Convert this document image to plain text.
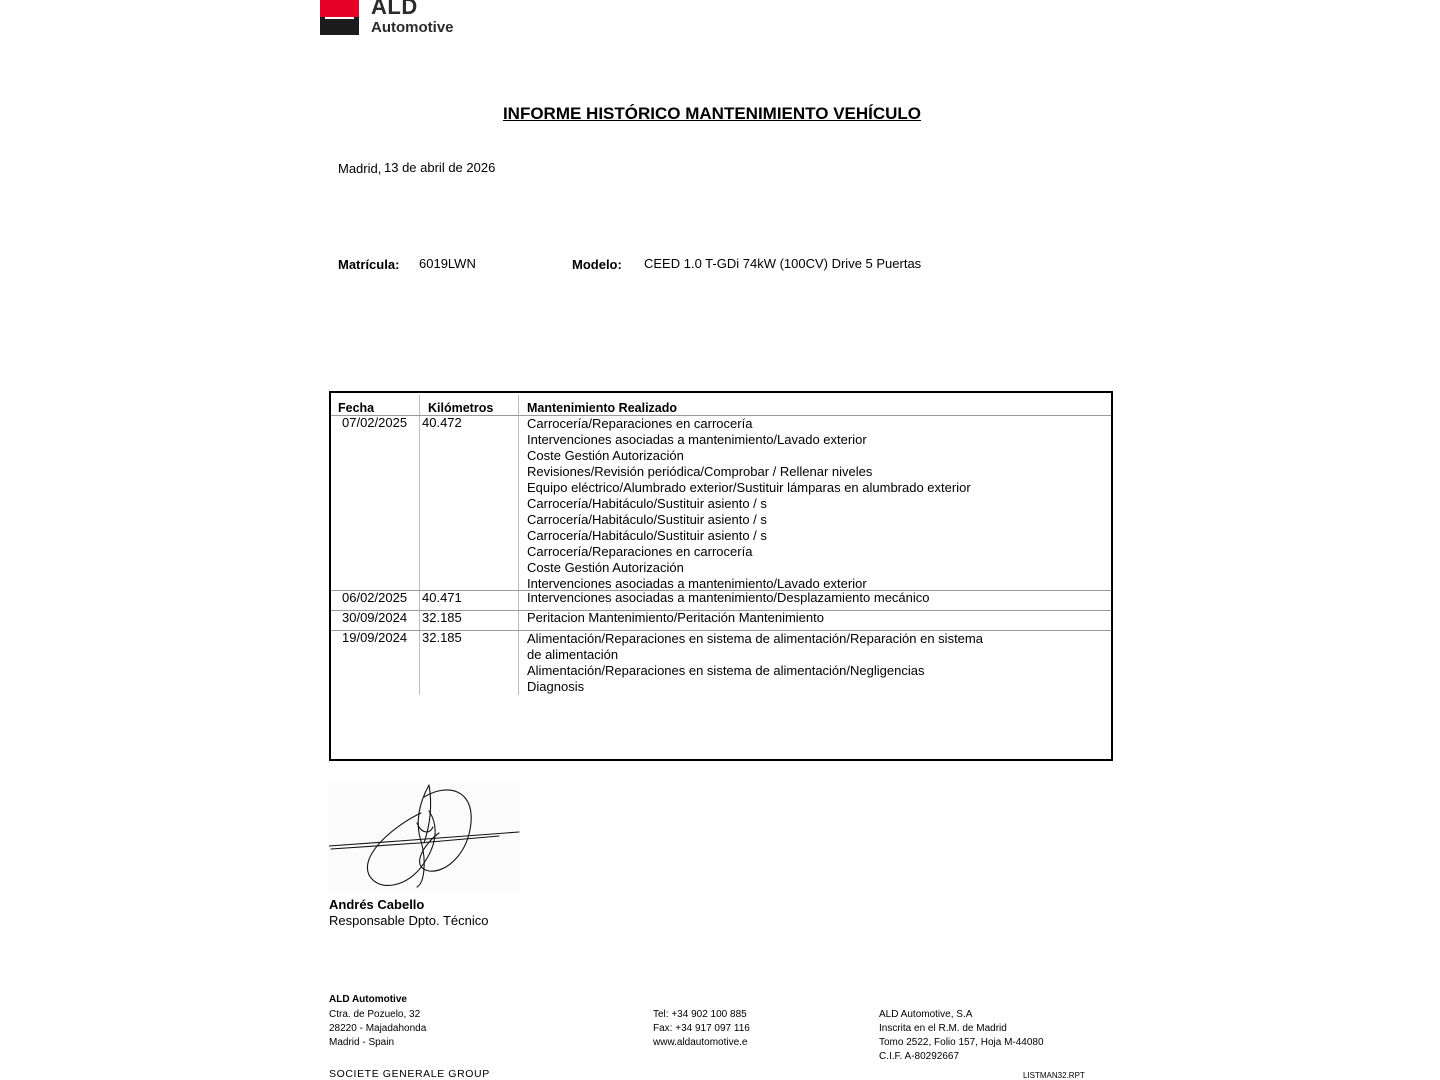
ALD
Automotive
INFORME HISTÓRICO MANTENIMIENTO VEHÍCULO
Madrid, 13 de abril de 2026
Matrícula: 6019LWN	Modelo: CEED 1.0 T-GDi 74kW (100CV) Drive 5 Puertas
Fecha	Kilómetros	Mantenimiento Realizado
07/02/2025 40.472	Carrocería/Reparaciones en carrocería
Intervenciones asociadas a mantenimiento/Lavado exterior
Coste Gestión Autorización
Revisiones/Revisión periódica/Comprobar / Rellenar niveles
Equipo eléctrico/Alumbrado exterior/Sustituir lámparas en alumbrado exterior
Carrocería/Habitáculo/Sustituir asiento / s
Carrocería/Habitáculo/Sustituir asiento / s
Carrocería/Habitáculo/Sustituir asiento / s
Carrocería/Reparaciones en carrocería
Coste Gestión Autorización
Intervenciones asociadas a mantenimiento/Lavado exterior
06/02/2025 40.471	Intervenciones asociadas a mantenimiento/Desplazamiento mecánico
30/09/2024 32.185	Peritacion Mantenimiento/Peritación Mantenimiento
19/09/2024 32.185	Alimentación/Reparaciones en sistema de alimentación/Reparación en sistema
de alimentación
Alimentación/Reparaciones en sistema de alimentación/Negligencias
Diagnosis
Andrés Cabello
Responsable Dpto. Técnico
ALD Automotive
Ctra. de Pozuelo, 32
28220 - Majadahonda
Madrid - Spain
Tel: +34 902 100 885
Fax: +34 917 097 116
www.aldautomotive.e
ALD Automotive, S.A
Inscrita en el R.M. de Madrid
Tomo 2522, Folio 157, Hoja M-44080
C.I.F. A-80292667
SOCIETE GENERALE GROUP	LISTMAN32.RPT
